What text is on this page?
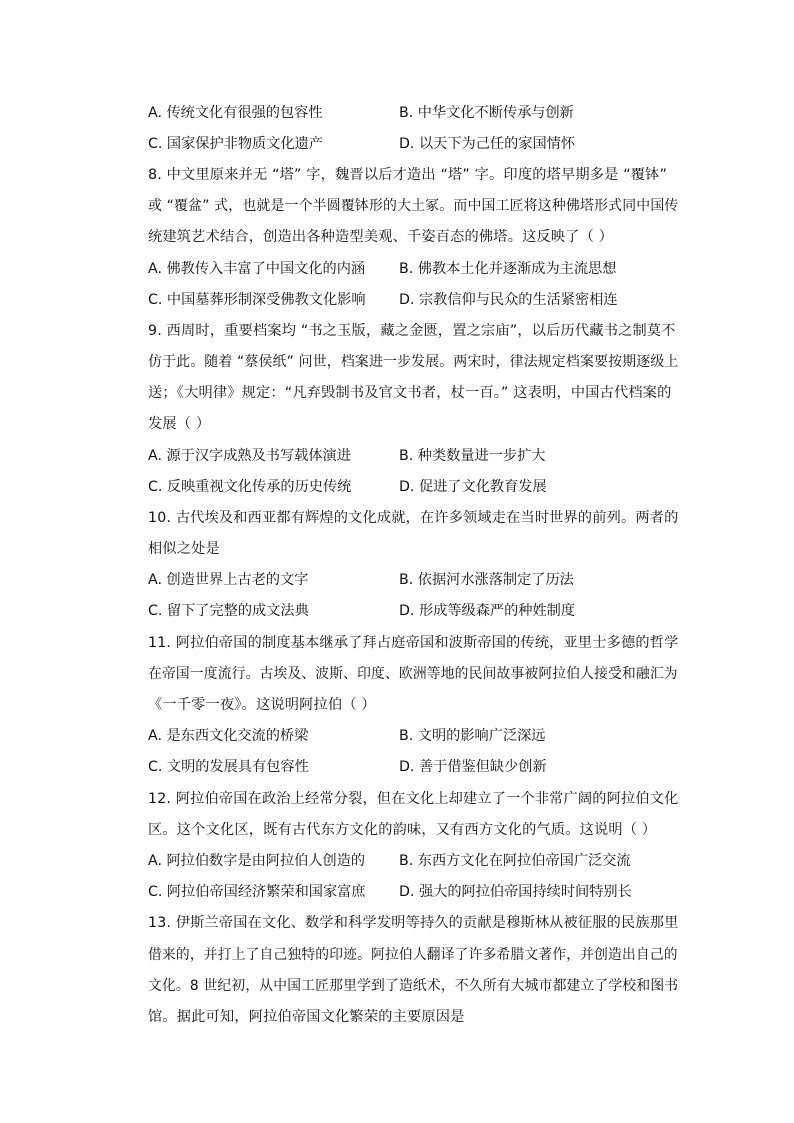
A. 传统文化有很强的包容性	B. 中华文化不断传承与创新
C. 国家保护非物质文化遗产	D. 以天下为己任的家国情怀
8. 中文里原来并无 “塔” 字，魏晋以后才造出 “塔” 字。印度的塔早期多是 “覆钵”
或 “覆盆” 式，也就是一个半圆覆钵形的大土冢。而中国工匠将这种佛塔形式同中国传
统建筑艺术结合，创造出各种造型美观、千姿百态的佛塔。这反映了（ ）
A. 佛教传入丰富了中国文化的内涵 B. 佛教本土化并逐渐成为主流思想
C. 中国墓葬形制深受佛教文化影响 D. 宗教信仰与民众的生活紧密相连
9. 西周时，重要档案均 “书之玉版，藏之金匮，置之宗庙”，以后历代藏书之制莫不
仿于此。随着 “蔡侯纸” 问世，档案进一步发展。两宋时，律法规定档案要按期逐级上
送；《大明律》规定：“凡弃毁制书及官文书者，杖一百。” 这表明，中国古代档案的
发展（ ）
A. 源于汉字成熟及书写载体演进	B. 种类数量进一步扩大
C. 反映重视文化传承的历史传统	D. 促进了文化教育发展
10. 古代埃及和西亚都有辉煌的文化成就，在许多领域走在当时世界的前列。两者的
相似之处是
A. 创造世界上古老的文字	B. 依据河水涨落制定了历法
C. 留下了完整的成文法典	D. 形成等级森严的种姓制度
11. 阿拉伯帝国的制度基本继承了拜占庭帝国和波斯帝国的传统，亚里士多德的哲学
在帝国一度流行。古埃及、波斯、印度、欧洲等地的民间故事被阿拉伯人接受和融汇为
《一千零一夜》。这说明阿拉伯（ ）
A. 是东西文化交流的桥梁	B. 文明的影响广泛深远
C. 文明的发展具有包容性	D. 善于借鉴但缺少创新
12. 阿拉伯帝国在政治上经常分裂，但在文化上却建立了一个非常广阔的阿拉伯文化
区。这个文化区，既有古代东方文化的韵味，又有西方文化的气质。这说明（ ）
A. 阿拉伯数字是由阿拉伯人创造的 B. 东西方文化在阿拉伯帝国广泛交流
C. 阿拉伯帝国经济繁荣和国家富庶 D. 强大的阿拉伯帝国持续时间特别长
13. 伊斯兰帝国在文化、数学和科学发明等持久的贡献是穆斯林从被征服的民族那里
借来的，并打上了自己独特的印迹。阿拉伯人翻译了许多希腊文著作，并创造出自己的
文化。8 世纪初，从中国工匠那里学到了造纸术，不久所有大城市都建立了学校和图书
馆。据此可知，阿拉伯帝国文化繁荣的主要原因是
